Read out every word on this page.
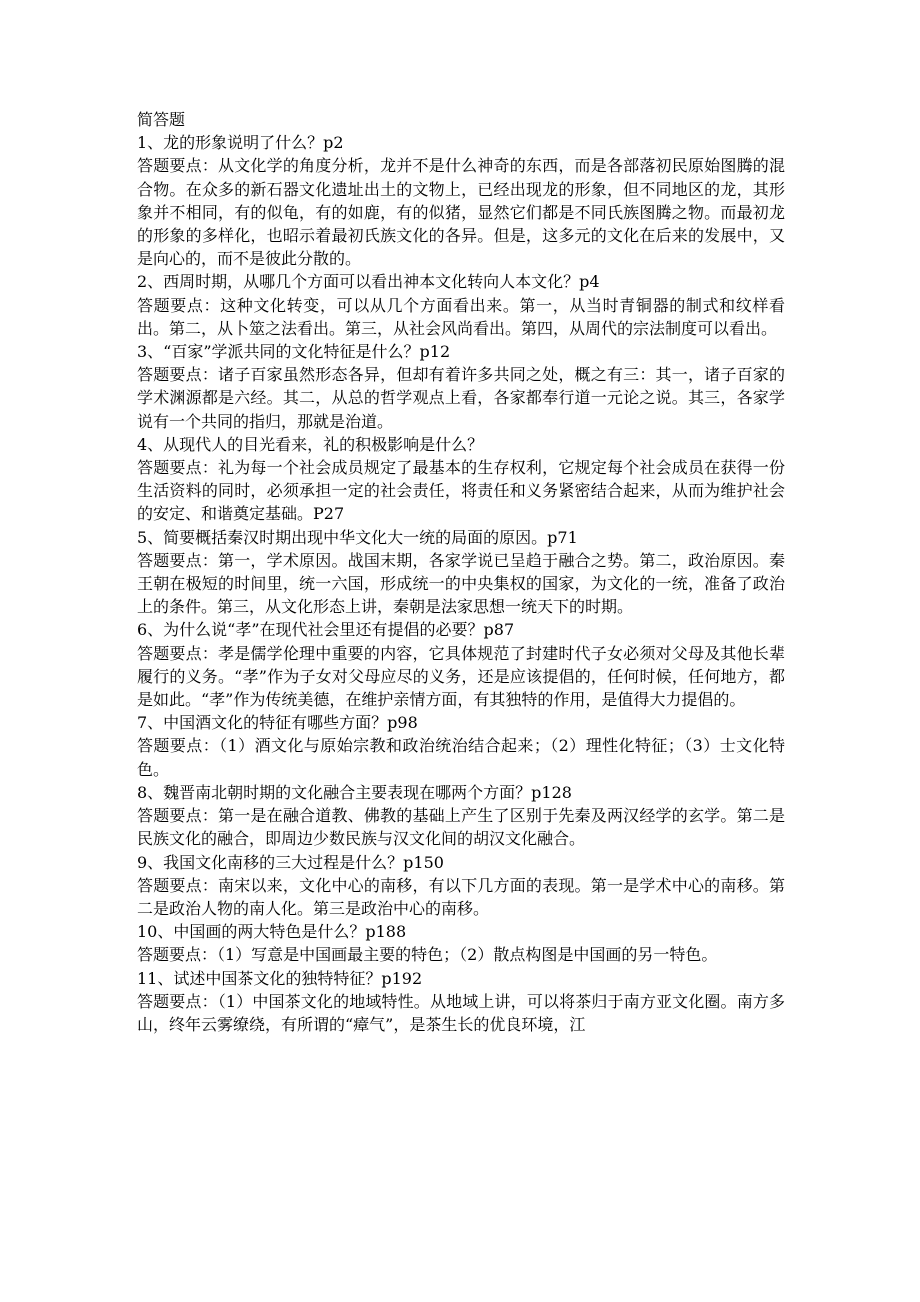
简答题

1、龙的形象说明了什么？p2

答题要点：从文化学的角度分析，龙并不是什么神奇的东西，而是各部落初民原始图腾的混合物。在众多的新石器文化遗址出土的文物上，已经出现龙的形象，但不同地区的龙，其形象并不相同，有的似龟，有的如鹿，有的似猪，显然它们都是不同氏族图腾之物。而最初龙的形象的多样化，也昭示着最初氏族文化的各异。但是，这多元的文化在后来的发展中，又是向心的，而不是彼此分散的。

2、西周时期，从哪几个方面可以看出神本文化转向人本文化？p4

答题要点：这种文化转变，可以从几个方面看出来。第一，从当时青铜器的制式和纹样看出。第二，从卜筮之法看出。第三，从社会风尚看出。第四，从周代的宗法制度可以看出。

3、“百家”学派共同的文化特征是什么？p12

答题要点：诸子百家虽然形态各异，但却有着许多共同之处，概之有三：其一，诸子百家的学术渊源都是六经。其二，从总的哲学观点上看，各家都奉行道一元论之说。其三，各家学说有一个共同的指归，那就是治道。

4、从现代人的目光看来，礼的积极影响是什么？

答题要点：礼为每一个社会成员规定了最基本的生存权利，它规定每个社会成员在获得一份生活资料的同时，必须承担一定的社会责任，将责任和义务紧密结合起来，从而为维护社会的安定、和谐奠定基础。P27

5、简要概括秦汉时期出现中华文化大一统的局面的原因。p71

答题要点：第一，学术原因。战国末期，各家学说已呈趋于融合之势。第二，政治原因。秦王朝在极短的时间里，统一六国，形成统一的中央集权的国家，为文化的一统，准备了政治上的条件。第三，从文化形态上讲，秦朝是法家思想一统天下的时期。

6、为什么说“孝”在现代社会里还有提倡的必要？p87

答题要点：孝是儒学伦理中重要的内容，它具体规范了封建时代子女必须对父母及其他长辈履行的义务。“孝”作为子女对父母应尽的义务，还是应该提倡的，任何时候，任何地方，都是如此。“孝”作为传统美德，在维护亲情方面，有其独特的作用，是值得大力提倡的。

7、中国酒文化的特征有哪些方面？p98

答题要点：（1）酒文化与原始宗教和政治统治结合起来；（2）理性化特征；（3）士文化特色。

8、魏晋南北朝时期的文化融合主要表现在哪两个方面？p128

答题要点：第一是在融合道教、佛教的基础上产生了区别于先秦及两汉经学的玄学。第二是民族文化的融合，即周边少数民族与汉文化间的胡汉文化融合。

9、我国文化南移的三大过程是什么？p150

答题要点：南宋以来，文化中心的南移，有以下几方面的表现。第一是学术中心的南移。第二是政治人物的南人化。第三是政治中心的南移。

10、中国画的两大特色是什么？p188

答题要点：（1）写意是中国画最主要的特色；（2）散点构图是中国画的另一特色。

11、试述中国茶文化的独特特征？p192

答题要点：（1）中国茶文化的地域特性。从地域上讲，可以将茶归于南方亚文化圈。南方多山，终年云雾缭绕，有所谓的“瘴气”，是茶生长的优良环境，江
